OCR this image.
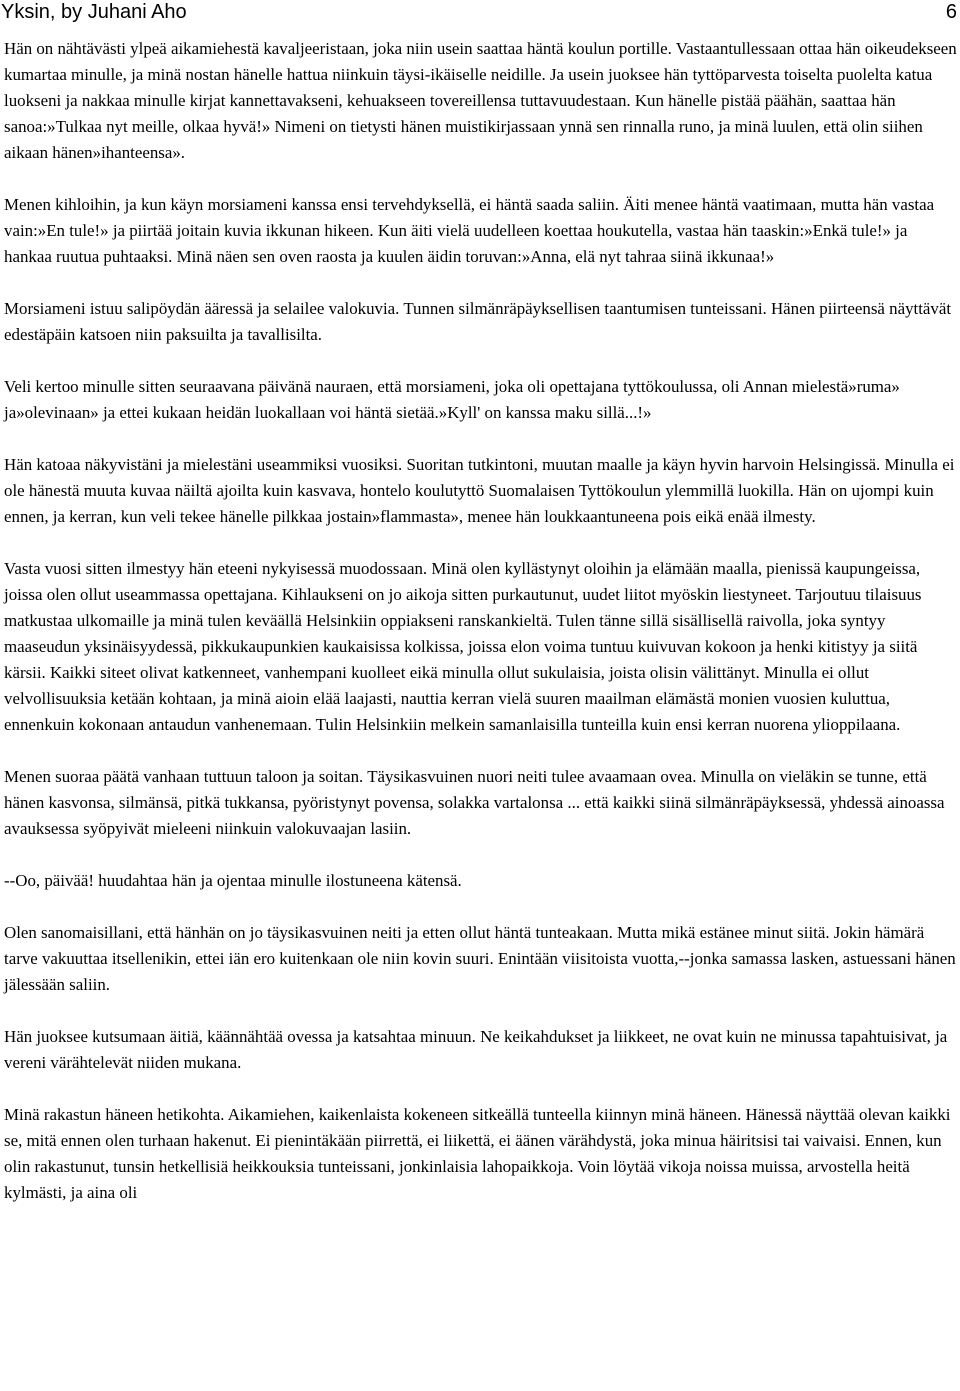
Yksin, by Juhani Aho	6

Hän on nähtävästi ylpeä aikamiehestä kavaljeeristaan, joka niin usein saattaa häntä koulun portille. Vastaantullessaan ottaa hän oikeudekseen kumartaa minulle, ja minä nostan hänelle hattua niinkuin täysi-ikäiselle neidille. Ja usein juoksee hän tyttöparvesta toiselta puolelta katua luokseni ja nakkaa minulle kirjat kannettavakseni, kehuakseen tovereillensa tuttavuudestaan. Kun hänelle pistää päähän, saattaa hän sanoa:»Tulkaa nyt meille, olkaa hyvä!» Nimeni on tietysti hänen muistikirjassaan ynnä sen rinnalla runo, ja minä luulen, että olin siihen aikaan hänen»ihanteensa».

Menen kihloihin, ja kun käyn morsiameni kanssa ensi tervehdyksellä, ei häntä saada saliin. Äiti menee häntä vaatimaan, mutta hän vastaa vain:»En tule!» ja piirtää joitain kuvia ikkunan hikeen. Kun äiti vielä uudelleen koettaa houkutella, vastaa hän taaskin:»Enkä tule!» ja hankaa ruutua puhtaaksi. Minä näen sen oven raosta ja kuulen äidin toruvan:»Anna, elä nyt tahraa siinä ikkunaa!»

Morsiameni istuu salipöydän ääressä ja selailee valokuvia. Tunnen silmänräpäyksellisen taantumisen tunteissani. Hänen piirteensä näyttävät edestäpäin katsoen niin paksuilta ja tavallisilta.

Veli kertoo minulle sitten seuraavana päivänä nauraen, että morsiameni, joka oli opettajana tyttökoulussa, oli Annan mielestä»ruma» ja»olevinaan» ja ettei kukaan heidän luokallaan voi häntä sietää.»Kyll' on kanssa maku sillä...!»

Hän katoaa näkyvistäni ja mielestäni useammiksi vuosiksi. Suoritan tutkintoni, muutan maalle ja käyn hyvin harvoin Helsingissä. Minulla ei ole hänestä muuta kuvaa näiltä ajoilta kuin kasvava, hontelo koulutyttö Suomalaisen Tyttökoulun ylemmillä luokilla. Hän on ujompi kuin ennen, ja kerran, kun veli tekee hänelle pilkkaa jostain»flammasta», menee hän loukkaantuneena pois eikä enää ilmesty.

Vasta vuosi sitten ilmestyy hän eteeni nykyisessä muodossaan. Minä olen kyllästynyt oloihin ja elämään maalla, pienissä kaupungeissa, joissa olen ollut useammassa opettajana. Kihlaukseni on jo aikoja sitten purkautunut, uudet liitot myöskin liestyneet. Tarjoutuu tilaisuus matkustaa ulkomaille ja minä tulen keväällä Helsinkiin oppiakseni ranskankieltä. Tulen tänne sillä sisällisellä raivolla, joka syntyy maaseudun yksinäisyydessä, pikkukaupunkien kaukaisissa kolkissa, joissa elon voima tuntuu kuivuvan kokoon ja henki kitistyy ja siitä kärsii. Kaikki siteet olivat katkenneet, vanhempani kuolleet eikä minulla ollut sukulaisia, joista olisin välittänyt. Minulla ei ollut velvollisuuksia ketään kohtaan, ja minä aioin elää laajasti, nauttia kerran vielä suuren maailman elämästä monien vuosien kuluttua, ennenkuin kokonaan antaudun vanhenemaan. Tulin Helsinkiin melkein samanlaisilla tunteilla kuin ensi kerran nuorena ylioppilaana.

Menen suoraa päätä vanhaan tuttuun taloon ja soitan. Täysikasvuinen nuori neiti tulee avaamaan ovea. Minulla on vieläkin se tunne, että hänen kasvonsa, silmänsä, pitkä tukkansa, pyöristynyt povensa, solakka vartalonsa ... että kaikki siinä silmänräpäyksessä, yhdessä ainoassa avauksessa syöpyivät mieleeni niinkuin valokuvaajan lasiin.

--Oo, päivää! huudahtaa hän ja ojentaa minulle ilostuneena kätensä.

Olen sanomaisillani, että hänhän on jo täysikasvuinen neiti ja etten ollut häntä tunteakaan. Mutta mikä estänee minut siitä. Jokin hämärä tarve vakuuttaa itsellenikin, ettei iän ero kuitenkaan ole niin kovin suuri. Enintään viisitoista vuotta,--jonka samassa lasken, astuessani hänen jälessään saliin.

Hän juoksee kutsumaan äitiä, käännähtää ovessa ja katsahtaa minuun. Ne keikahdukset ja liikkeet, ne ovat kuin ne minussa tapahtuisivat, ja vereni värähtelevät niiden mukana.

Minä rakastun häneen hetikohta. Aikamiehen, kaikenlaista kokeneen sitkeällä tunteella kiinnyn minä häneen. Hänessä näyttää olevan kaikki se, mitä ennen olen turhaan hakenut. Ei pienintäkään piirrettä, ei liikettä, ei äänen värähdystä, joka minua häiritsisi tai vaivaisi. Ennen, kun olin rakastunut, tunsin hetkellisiä heikkouksia tunteissani, jonkinlaisia lahopaikkoja. Voin löytää vikoja noissa muissa, arvostella heitä kylmästi, ja aina oli
